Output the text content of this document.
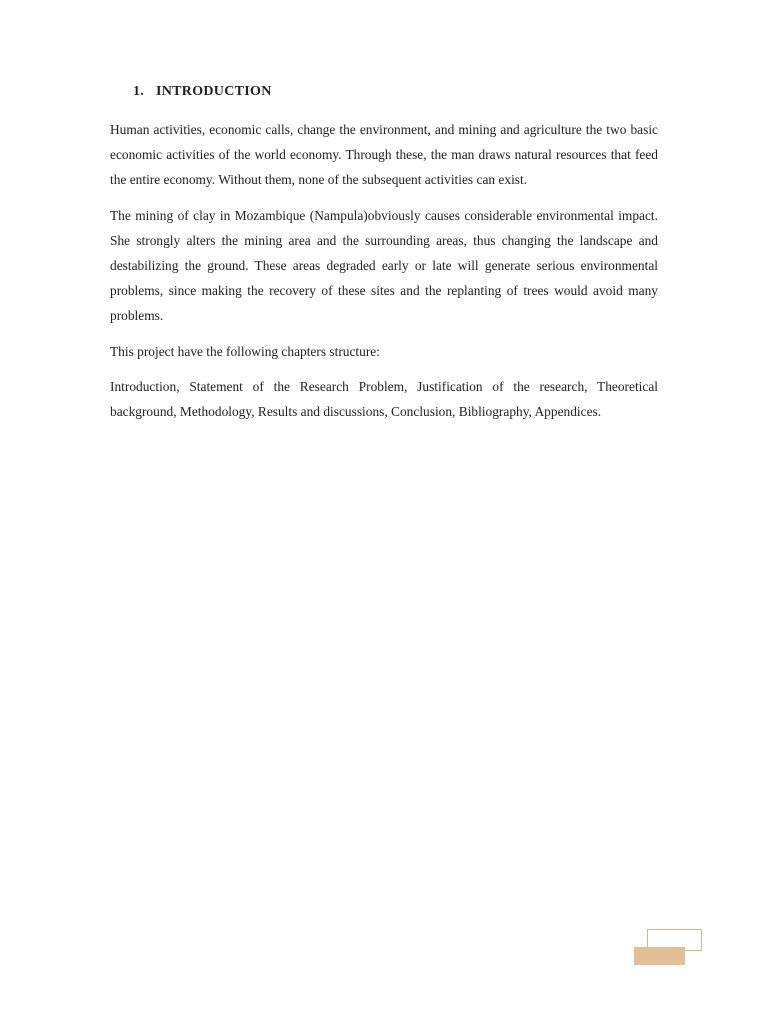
1. INTRODUCTION

Human activities, economic calls, change the environment, and mining and agriculture the two basic economic activities of the world economy. Through these, the man draws natural resources that feed the entire economy. Without them, none of the subsequent activities can exist.

The mining of clay in Mozambique (Nampula)obviously causes considerable environmental impact. She strongly alters the mining area and the surrounding areas, thus changing the landscape and destabilizing the ground. These areas degraded early or late will generate serious environmental problems, since making the recovery of these sites and the replanting of trees would avoid many problems.

This project have the following chapters structure:

Introduction, Statement of the Research Problem, Justification of the research, Theoretical background, Methodology, Results and discussions, Conclusion, Bibliography, Appendices.
